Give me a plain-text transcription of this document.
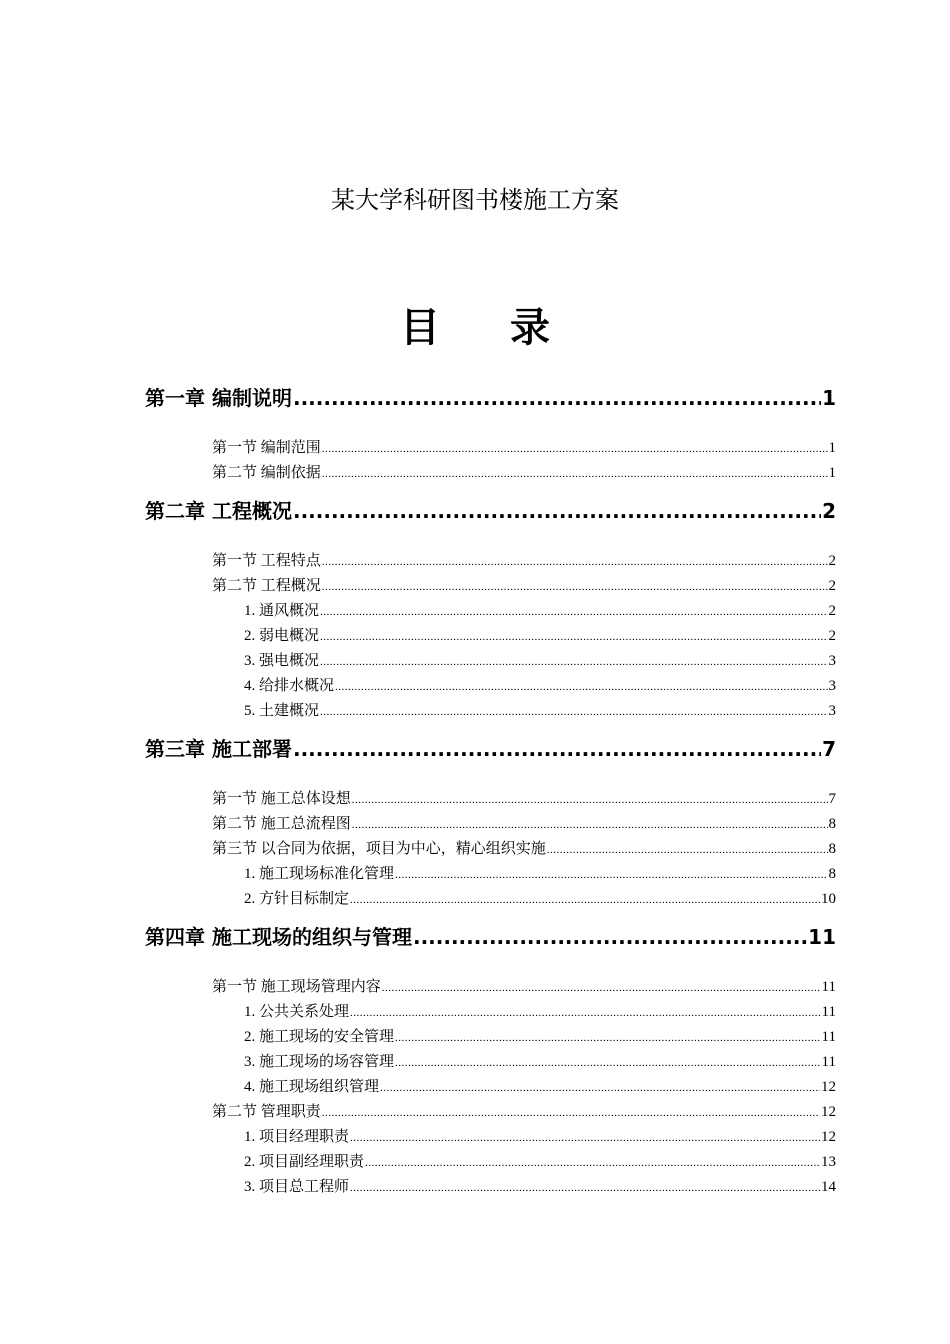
某大学科研图书楼施工方案
目录
第一章 编制说明 .....	1
第一节 编制范围 .....	1
第二节 编制依据 .....	1
第二章 工程概况 .....	2
第一节 工程特点 .....	2
第二节 工程概况 .....	2
1. 通风概况 .....	2
2. 弱电概况 .....	2
3. 强电概况 .....	3
4. 给排水概况 .....	3
5. 土建概况 .....	3
第三章 施工部署 .....	7
第一节 施工总体设想 .....	7
第二节 施工总流程图 .....	8
第三节 以合同为依据，项目为中心，精心组织实施 .....	8
1. 施工现场标准化管理 .....	8
2. 方针目标制定 .....	10
第四章 施工现场的组织与管理 .....	11
第一节 施工现场管理内容 .....	11
1. 公共关系处理 .....	11
2. 施工现场的安全管理 .....	11
3. 施工现场的场容管理 .....	11
4. 施工现场组织管理 .....	12
第二节 管理职责 .....	12
1. 项目经理职责 .....	12
2. 项目副经理职责 .....	13
3. 项目总工程师 .....	14
